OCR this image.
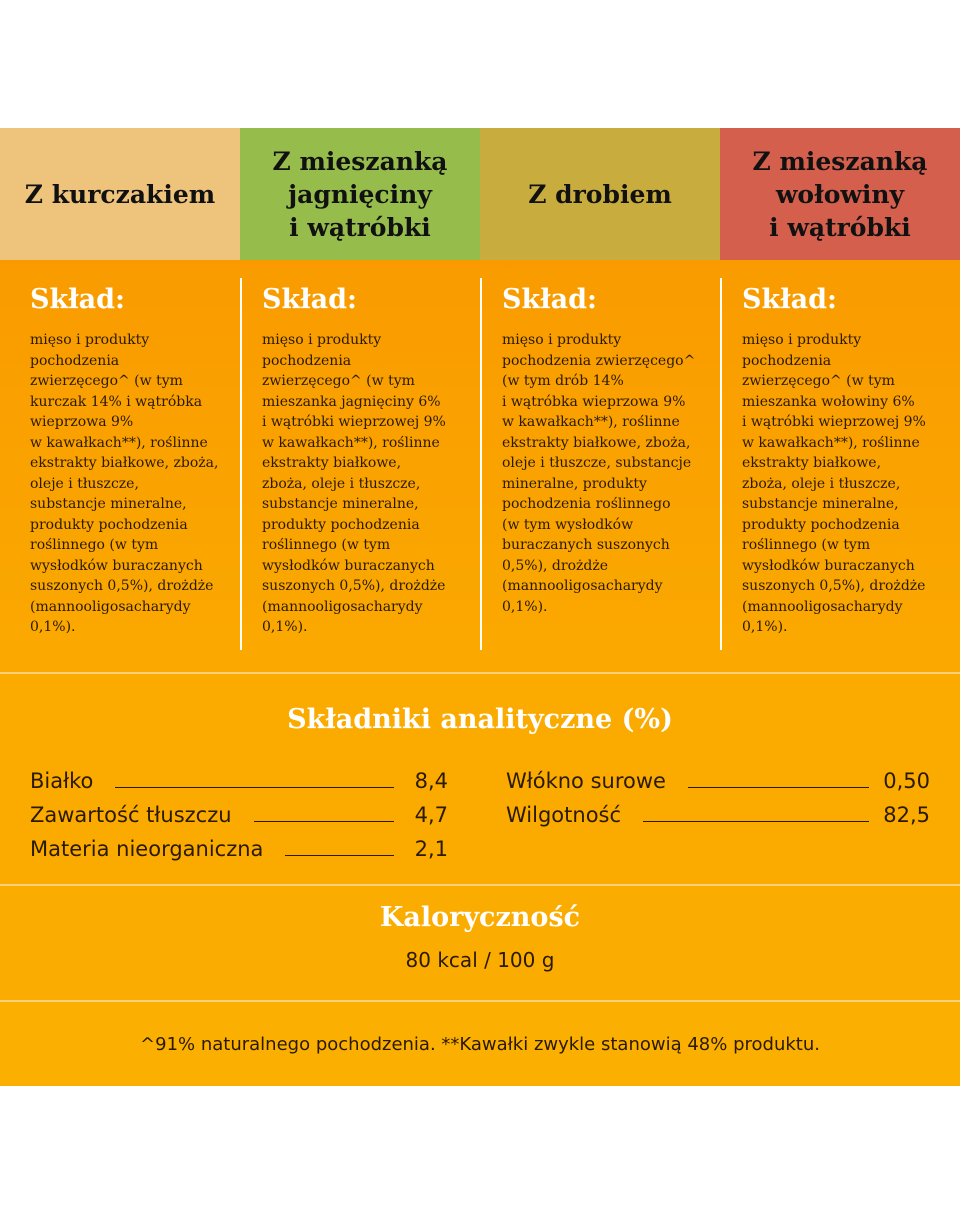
Z kurczakiem
Z mieszanką
jagnięciny
i wątróbki
Z drobiem
Z mieszanką
wołowiny
i wątróbki
Skład:
mięso i produkty
pochodzenia
zwierzęcego^ (w tym
kurczak 14% i wątróbka
wieprzowa 9%
w kawałkach**), roślinne
ekstrakty białkowe, zboża,
oleje i tłuszcze,
substancje mineralne,
produkty pochodzenia
roślinnego (w tym
wysłodków buraczanych
suszonych 0,5%), drożdże
(mannooligosacharydy
0,1%).
Skład:
mięso i produkty
pochodzenia
zwierzęcego^ (w tym
mieszanka jagnięciny 6%
i wątróbki wieprzowej 9%
w kawałkach**), roślinne
ekstrakty białkowe,
zboża, oleje i tłuszcze,
substancje mineralne,
produkty pochodzenia
roślinnego (w tym
wysłodków buraczanych
suszonych 0,5%), drożdże
(mannooligosacharydy
0,1%).
Skład:
mięso i produkty
pochodzenia zwierzęcego^
(w tym drób 14%
i wątróbka wieprzowa 9%
w kawałkach**), roślinne
ekstrakty białkowe, zboża,
oleje i tłuszcze, substancje
mineralne, produkty
pochodzenia roślinnego
(w tym wysłodków
buraczanych suszonych
0,5%), drożdże
(mannooligosacharydy
0,1%).
Skład:
mięso i produkty
pochodzenia
zwierzęcego^ (w tym
mieszanka wołowiny 6%
i wątróbki wieprzowej 9%
w kawałkach**), roślinne
ekstrakty białkowe,
zboża, oleje i tłuszcze,
substancje mineralne,
produkty pochodzenia
roślinnego (w tym
wysłodków buraczanych
suszonych 0,5%), drożdże
(mannooligosacharydy
0,1%).
Składniki analityczne (%)
Białko	8,4
Zawartość tłuszczu	4,7
Materia nieorganiczna	2,1
Włókno surowe	0,50
Wilgotność	82,5
Kaloryczność
80 kcal / 100 g
^91% naturalnego pochodzenia. **Kawałki zwykle stanowią 48% produktu.
